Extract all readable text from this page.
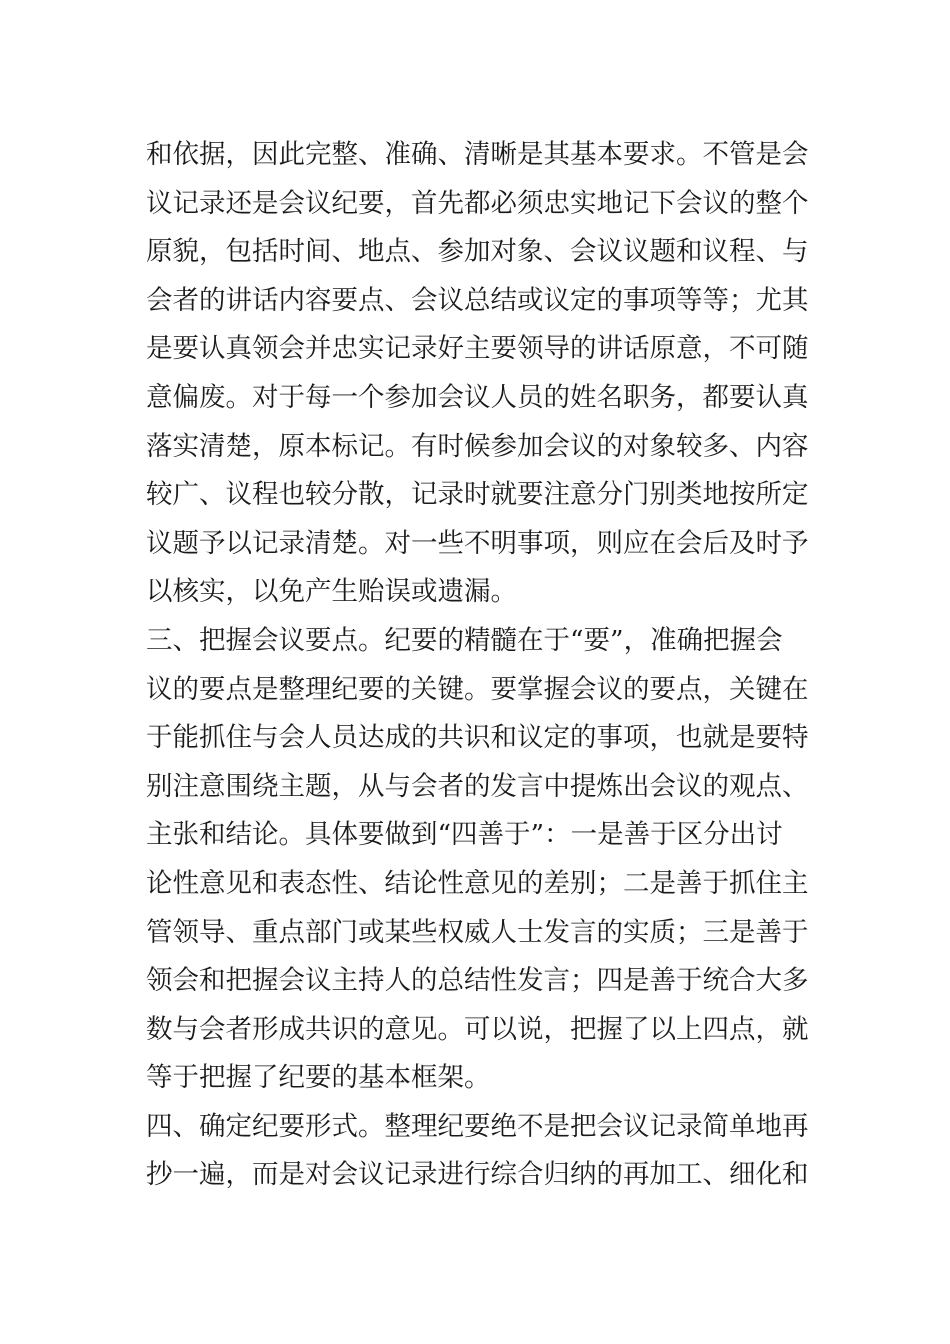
和依据，因此完整、准确、清晰是其基本要求。不管是会
议记录还是会议纪要，首先都必须忠实地记下会议的整个
原貌，包括时间、地点、参加对象、会议议题和议程、与
会者的讲话内容要点、会议总结或议定的事项等等；尤其
是要认真领会并忠实记录好主要领导的讲话原意，不可随
意偏废。对于每一个参加会议人员的姓名职务，都要认真
落实清楚，原本标记。有时候参加会议的对象较多、内容
较广、议程也较分散，记录时就要注意分门别类地按所定
议题予以记录清楚。对一些不明事项，则应在会后及时予
以核实，以免产生贻误或遗漏。
三、把握会议要点。纪要的精髓在于“要”，准确把握会
议的要点是整理纪要的关键。要掌握会议的要点，关键在
于能抓住与会人员达成的共识和议定的事项，也就是要特
别注意围绕主题，从与会者的发言中提炼出会议的观点、
主张和结论。具体要做到“四善于”：一是善于区分出讨
论性意见和表态性、结论性意见的差别；二是善于抓住主
管领导、重点部门或某些权威人士发言的实质；三是善于
领会和把握会议主持人的总结性发言；四是善于统合大多
数与会者形成共识的意见。可以说，把握了以上四点，就
等于把握了纪要的基本框架。
四、确定纪要形式。整理纪要绝不是把会议记录简单地再
抄一遍，而是对会议记录进行综合归纳的再加工、细化和
